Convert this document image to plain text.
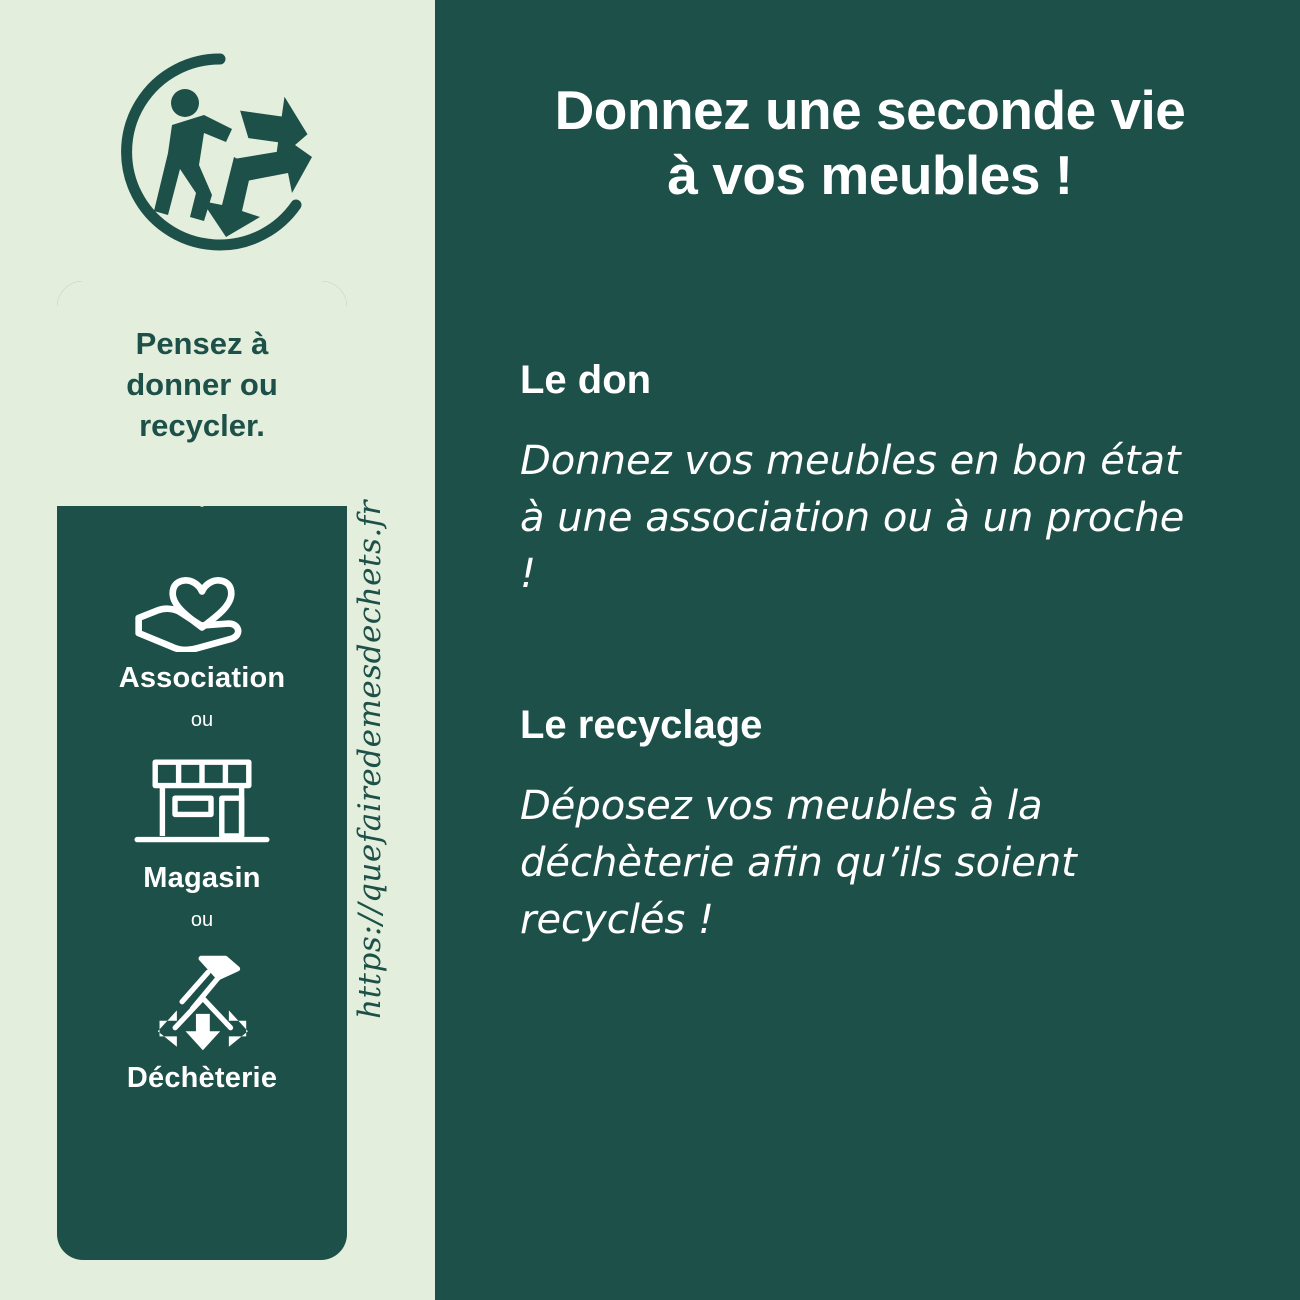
Pensez à
donner ou
recycler.
Association
ou
Magasin
ou
Déchèterie
https://quefairedemesdechets.fr
Donnez une seconde vie
à vos meubles !
Le don

Donnez vos meubles en bon état à une association ou à un proche !

Le recyclage

Déposez vos meubles à la déchèterie afin qu’ils soient recyclés !
